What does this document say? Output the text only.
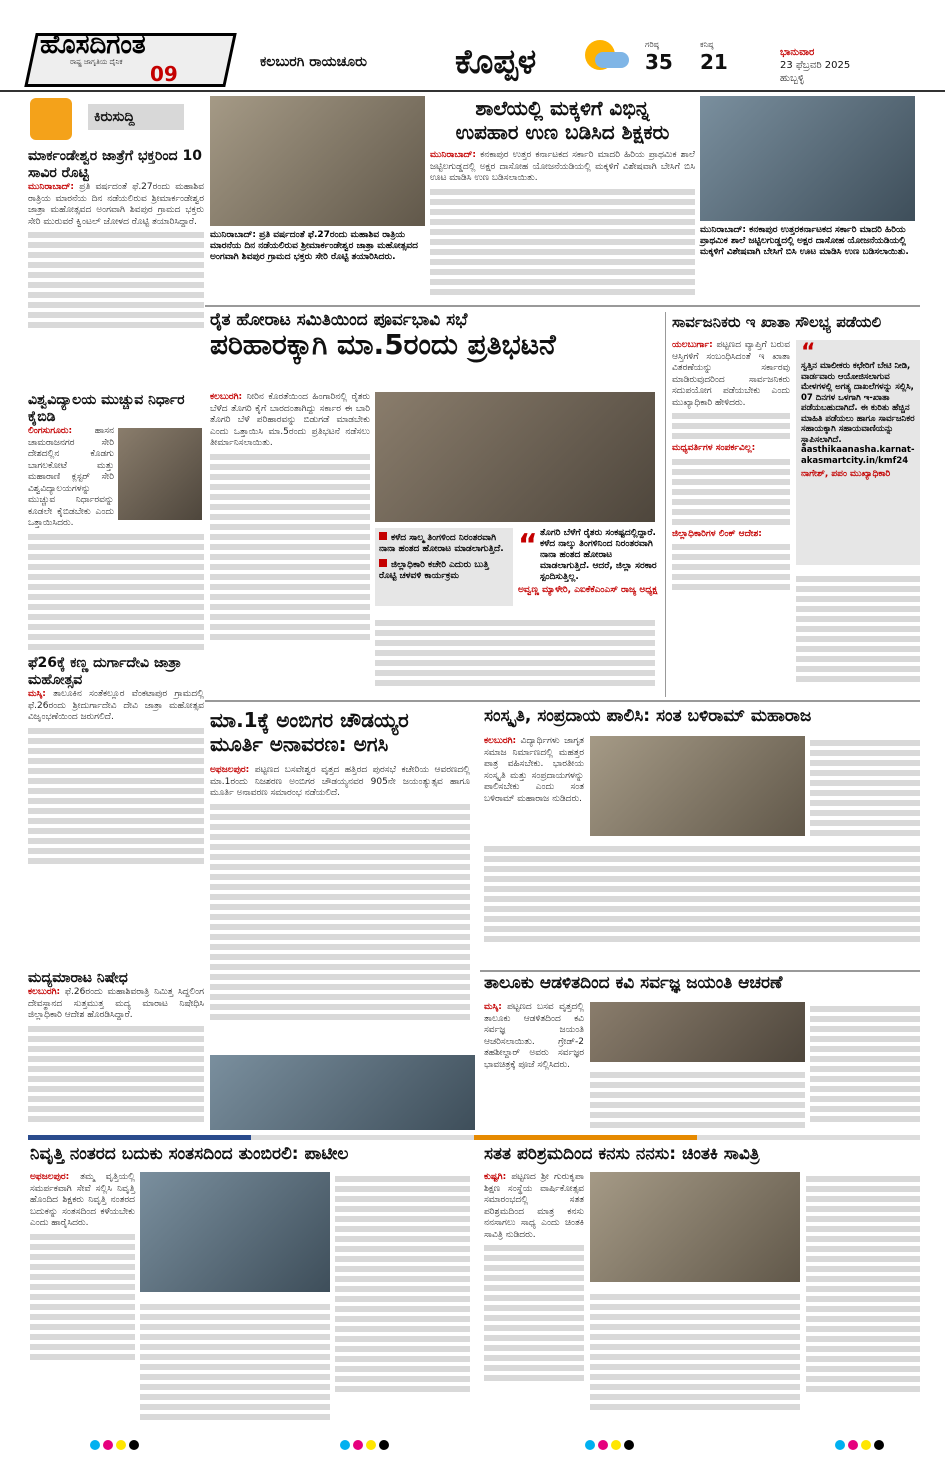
ಹೊಸದಿಗಂತ
ರಾಷ್ಟ್ರ ಜಾಗೃತಿಯ ದೈನಿಕ 09	ಕಲಬುರಗಿ ರಾಯಚೂರು	ಕೊಪ್ಪಳ	ಗರಿಷ್ಠ
35
ಕನಿಷ್ಠ
21	ಭಾನುವಾರ
23 ಫೆಬ್ರವರಿ 2025
ಹುಬ್ಬಳ್ಳಿ
ಕಿರುಸುದ್ದಿ
ಮಾರ್ಕಂಡೇಶ್ವರ ಜಾತ್ರೆಗೆ ಭಕ್ತರಿಂದ 10 ಸಾವಿರ ರೊಟ್ಟಿ
ಮುನಿರಾಬಾದ್: ಪ್ರತಿ ವರ್ಷದಂತೆ ಫೆ.27ರಂದು ಮಹಾಶಿವ ರಾತ್ರಿಯ ಮಾರನೆಯ ದಿನ ನಡೆಯಲಿರುವ ಶ್ರೀಮಾರ್ಕಂಡೇಶ್ವರ ಜಾತ್ರಾ ಮಹೋತ್ಸವದ ಅಂಗವಾಗಿ ಶಿವಪುರ ಗ್ರಾಮದ ಭಕ್ತರು ಸೇರಿ ಮುರುವರೆ ಕ್ವಿಂಟಲ್ ಜೋಳದ ರೊಟ್ಟಿ ತಯಾರಿಸಿದ್ದಾರೆ.
ವಿಶ್ವವಿದ್ಯಾಲಯ ಮುಚ್ಚುವ ನಿರ್ಧಾರ ಕೈಬಿಡಿ
ಲಿಂಗಸುಗೂರು:	ಹಾಸನ ಚಾಮರಾಜನಗರ ಸೇರಿ ದೇಶದಲ್ಲಿನ ಕೊಡಗು ಬಾಗಲಕೋಟೆ ಮತ್ತು ಮಹಾರಾಣಿ ಕ್ಲಸ್ಟರ್ ಸೇರಿ ವಿಶ್ವವಿದ್ಯಾಲಯಗಳನ್ನು ಮುಚ್ಚುವ ನಿರ್ಧಾರವನ್ನು ಕೂಡಲೇ ಕೈಬಿಡಬೇಕು ಎಂದು ಒತ್ತಾಯಿಸಿದರು.
ಫೆ26ಕ್ಕೆ ಕಣ್ಣ ದುರ್ಗಾದೇವಿ ಜಾತ್ರಾ ಮಹೋತ್ಸವ
ಮಸ್ಕಿ: ತಾಲೂಕಿನ ಸಂತೆಕಲ್ಲೂರ ವೆಂಕಟಾಪುರ ಗ್ರಾಮದಲ್ಲಿ ಫೆ.26ರಂದು ಶ್ರೀದುರ್ಗಾದೇವಿ ದೇವಿ ಜಾತ್ರಾ ಮಹೋತ್ಸವ ವಿಜೃಂಭಣೆಯಿಂದ ಜರುಗಲಿದೆ.
ಮದ್ಯಮಾರಾಟ ನಿಷೇಧ
ಕಲಬುರಗಿ: ಫೆ.26ರಂದು ಮಹಾಶಿವರಾತ್ರಿ ನಿಮಿತ್ತ ಸಿದ್ದಲಿಂಗ ದೇವಸ್ಥಾನದ ಸುತ್ತಮುತ್ತ ಮದ್ಯ ಮಾರಾಟ ನಿಷೇಧಿಸಿ ಜಿಲ್ಲಾಧಿಕಾರಿ ಆದೇಶ ಹೊರಡಿಸಿದ್ದಾರೆ.
ಮುನಿರಾಬಾದ್: ಪ್ರತಿ ವರ್ಷದಂತೆ ಫೆ.27ರಂದು ಮಹಾಶಿವ ರಾತ್ರಿಯ ಮಾರನೆಯ ದಿನ ನಡೆಯಲಿರುವ ಶ್ರೀಮಾರ್ಕಂಡೇಶ್ವರ ಜಾತ್ರಾ ಮಹೋತ್ಸವದ ಅಂಗವಾಗಿ ಶಿವಪುರ ಗ್ರಾಮದ ಭಕ್ತರು ಸೇರಿ ರೊಟ್ಟಿ ತಯಾರಿಸಿದರು.
ಶಾಲೆಯಲ್ಲಿ ಮಕ್ಕಳಿಗೆ ವಿಭಿನ್ನ
ಉಪಹಾರ ಉಣ ಬಡಿಸಿದ ಶಿಕ್ಷಕರು
ಮುನಿರಾಬಾದ್: ಕನಕಾಪುರ ಉತ್ತರ ಕರ್ನಾಟಕದ ಸರ್ಕಾರಿ ಮಾದರಿ ಹಿರಿಯ ಪ್ರಾಥಮಿಕ ಶಾಲೆ ಜಟ್ಟಿಲಗುಡ್ಡದಲ್ಲಿ ಅಕ್ಷರ ದಾಸೋಹ ಯೋಜನೆಯಡಿಯಲ್ಲಿ ಮಕ್ಕಳಿಗೆ ವಿಶೇಷವಾಗಿ ಬೇಸಿಗೆ ಬಿಸಿ ಊಟ ಮಾಡಿಸಿ ಉಣ ಬಡಿಸಲಾಯಿತು.
ಮುನಿರಾಬಾದ್: ಕನಕಾಪುರ ಉತ್ತರಕರ್ನಾಟಕದ ಸರ್ಕಾರಿ ಮಾದರಿ ಹಿರಿಯ ಪ್ರಾಥಮಿಕ ಶಾಲೆ ಜಟ್ಟಿಲಗುಡ್ಡದಲ್ಲಿ ಅಕ್ಷರ ದಾಸೋಹ ಯೋಜನೆಯಡಿಯಲ್ಲಿ ಮಕ್ಕಳಿಗೆ ವಿಶೇಷವಾಗಿ ಬೇಸಿಗೆ ಬಿಸಿ ಊಟ ಮಾಡಿಸಿ ಉಣ ಬಡಿಸಲಾಯಿತು.
ರೈತ ಹೋರಾಟ ಸಮಿತಿಯಿಂದ ಪೂರ್ವಭಾವಿ ಸಭೆ
ಪರಿಹಾರಕ್ಕಾಗಿ ಮಾ.5ರಂದು ಪ್ರತಿಭಟನೆ
ಕಲಬುರಗಿ: ನೀರಿನ ಕೊರತೆಯಿಂದ ಹಿಂಗಾರಿನಲ್ಲಿ ರೈತರು ಬೆಳೆದ ತೊಗರಿ ಕೈಗೆ ಬಾರದಂತಾಗಿದ್ದು ಸರ್ಕಾರ ಈ ಬಾರಿ ತೊಗರಿ ಬೆಳೆ ಪರಿಹಾರವನ್ನು ಬಿಡುಗಡೆ ಮಾಡಬೇಕು ಎಂದು ಒತ್ತಾಯಿಸಿ ಮಾ.5ರಂದು ಪ್ರತಿಭಟನೆ ನಡೆಸಲು ತೀರ್ಮಾನಿಸಲಾಯಿತು.
ಕಳೆದ ಸಾಲ್ಮ ತಿಂಗಳಿಂದ ನಿರಂತರವಾಗಿ ನಾನಾ ಹಂತದ ಹೋರಾಟ ಮಾಡಲಾಗುತ್ತಿದೆ.
ಜಿಲ್ಲಾಧಿಕಾರಿ ಕಚೇರಿ ಎದುರು ಬುತ್ತಿ ರೊಟ್ಟಿ ಚಳವಳಿ ಕಾರ್ಯಕ್ರಮ
“ ತೊಗರಿ ಬೆಳೆಗೆ ರೈತರು ಸಂಕಷ್ಟದಲ್ಲಿದ್ದಾರೆ. ಕಳೆದ ನಾಲ್ಕು ತಿಂಗಳಿನಿಂದ ನಿರಂತರವಾಗಿ ನಾನಾ ಹಂತದ ಹೋರಾಟ ಮಾಡಲಾಗುತ್ತಿದೆ. ಆದರೆ, ಜಿಲ್ಲಾ ಸರಕಾರ ಸ್ಪಂದಿಸುತ್ತಿಲ್ಲ.
ಅವ್ವಣ್ಣ ಮ್ಯಾಳೇರಿ, ಎಐಕೆಕೆಎಂಎಸ್ ರಾಜ್ಯ ಅಧ್ಯಕ್ಷ
ಸಾರ್ವಜನಿಕರು ಇ ಖಾತಾ ಸೌಲಭ್ಯ ಪಡೆಯಲಿ
ಯಲಬುರ್ಗಾ: ಪಟ್ಟಣದ ವ್ಯಾಪ್ತಿಗೆ ಬರುವ ಆಸ್ತಿಗಳಿಗೆ ಸಂಬಂಧಿಸಿದಂತೆ ಇ ಖಾತಾ ವಿತರಣೆಯನ್ನು ಸರ್ಕಾರವು ಮಾಡಿರುವುದರಿಂದ ಸಾರ್ವಜನಿಕರು ಸದುಪಯೋಗ ಪಡೆಯಬೇಕು ಎಂದು ಮುಖ್ಯಾಧಿಕಾರಿ ಹೇಳಿದರು.
ಮಧ್ಯವರ್ತಿಗಳ ಸಂಪರ್ಕವಿಲ್ಲ:
ಜಿಲ್ಲಾಧಿಕಾರಿಗಳ ಲಿಂಕ್ ಆದೇಶ:
“
ಸ್ವತ್ತಿನ ಮಾಲೀಕರು ಕಛೇರಿಗೆ ಬೇಟಿ ನೀಡಿ, ವಾರ್ಡವಾರು ಆಯೋಜಿಸಲಾಗುವ ಮೇಳಗಳಲ್ಲಿ ಅಗತ್ಯ ದಾಖಲೆಗಳನ್ನು ಸಲ್ಲಿಸಿ, 07 ದಿನಗಳ ಒಳಗಾಗಿ ಇ-ಖಾತಾ ಪಡೆಯಬಹುದಾಗಿದೆ. ಈ ಕುರಿತು ಹೆಚ್ಚಿನ ಮಾಹಿತಿ ಪಡೆಯಲು ಹಾಗೂ ಸಾರ್ವಜನಿಕರ ಸಹಾಯಕ್ಕಾಗಿ ಸಹಾಯವಾಣಿಯನ್ನು ಸ್ಥಾಪಿಸಲಾಗಿದೆ.
aasthikaanasha.karnat-akasmartcity.in/kmf24
ನಾಗೇಶ್, ಪಪಂ ಮುಖ್ಯಾಧಿಕಾರಿ
ಮಾ.1ಕ್ಕೆ ಅಂಬಿಗರ ಚೌಡಯ್ಯರ
ಮೂರ್ತಿ ಅನಾವರಣ: ಅಗಸಿ
ಅಫಜಲಪುರ: ಪಟ್ಟಣದ ಬಸವೇಶ್ವರ ವೃತ್ತದ ಹತ್ತಿರದ ಪುರಸಭೆ ಕಚೇರಿಯ ಆವರಣದಲ್ಲಿ ಮಾ.1ರಂದು ನಿಜಶರಣ ಅಂಬಿಗರ ಚೌಡಯ್ಯನವರ 905ನೇ ಜಯಂತ್ಯುತ್ಸವ ಹಾಗೂ ಮೂರ್ತಿ ಅನಾವರಣ ಸಮಾರಂಭ ನಡೆಯಲಿದೆ.
ಸಂಸ್ಕೃತಿ, ಸಂಪ್ರದಾಯ ಪಾಲಿಸಿ: ಸಂತ ಬಳಿರಾಮ್ ಮಹಾರಾಜ
ಕಲಬುರಗಿ: ವಿದ್ಯಾರ್ಥಿಗಳು ಜಾಗೃತ ಸಮಾಜ ನಿರ್ಮಾಣದಲ್ಲಿ ಮಹತ್ತರ ಪಾತ್ರ ವಹಿಸಬೇಕು. ಭಾರತೀಯ ಸಂಸ್ಕೃತಿ ಮತ್ತು ಸಂಪ್ರದಾಯಗಳನ್ನು ಪಾಲಿಸಬೇಕು ಎಂದು ಸಂತ ಬಳಿರಾಮ್ ಮಹಾರಾಜ ನುಡಿದರು.
ತಾಲೂಕು ಆಡಳಿತದಿಂದ ಕವಿ ಸರ್ವಜ್ಞ ಜಯಂತಿ ಆಚರಣೆ
ಮಸ್ಕಿ: ಪಟ್ಟಣದ ಬಸವ ವೃತ್ತದಲ್ಲಿ ತಾಲೂಕು ಆಡಳಿತದಿಂದ ಕವಿ ಸರ್ವಜ್ಞ ಜಯಂತಿ ಆಚರಿಸಲಾಯಿತು. ಗ್ರೇಡ್-2 ತಹಶೀಲ್ದಾರ್ ಅವರು ಸರ್ವಜ್ಞರ ಭಾವಚಿತ್ರಕ್ಕೆ ಪೂಜೆ ಸಲ್ಲಿಸಿದರು.
ನಿವೃತ್ತಿ ನಂತರದ ಬದುಕು ಸಂತಸದಿಂದ ತುಂಬಿರಲಿ: ಪಾಟೀಲ
ಅಫಜಲಪುರ: ತಮ್ಮ ವೃತ್ತಿಯಲ್ಲಿ ಸಮರ್ಪಕವಾಗಿ ಸೇವೆ ಸಲ್ಲಿಸಿ ನಿವೃತ್ತಿ ಹೊಂದಿದ ಶಿಕ್ಷಕರು ನಿವೃತ್ತಿ ನಂತರದ ಬದುಕನ್ನು ಸಂತಸದಿಂದ ಕಳೆಯಬೇಕು ಎಂದು ಹಾರೈಸಿದರು.
ಸತತ ಪರಿಶ್ರಮದಿಂದ ಕನಸು ನನಸು: ಚಿಂತಕಿ ಸಾವಿತ್ರಿ
ಕುಷ್ಟಗಿ: ಪಟ್ಟಣದ ಶ್ರೀ ಗುರುಕೃಪಾ ಶಿಕ್ಷಣ ಸಂಸ್ಥೆಯ ವಾರ್ಷಿಕೋತ್ಸವ ಸಮಾರಂಭದಲ್ಲಿ ಸತತ ಪರಿಶ್ರಮದಿಂದ ಮಾತ್ರ ಕನಸು ನನಸಾಗಲು ಸಾಧ್ಯ ಎಂದು ಚಿಂತಕಿ ಸಾವಿತ್ರಿ ನುಡಿದರು.
